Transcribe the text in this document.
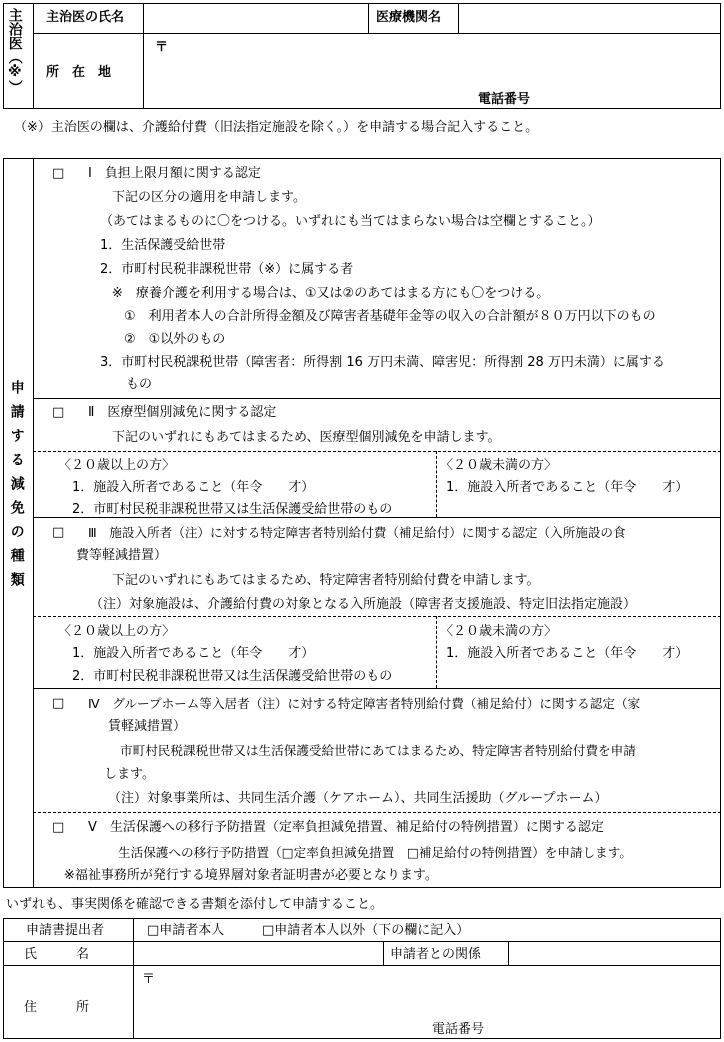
主治医（※） 主治医の氏名	医療機関名
所　在　地
〒
電話番号
（※）主治医の欄は、介護給付費（旧法指定施設を除く。）を申請する場合記入すること。
申請する減免の種類
□ Ⅰ　負担上限月額に関する認定
下記の区分の適用を申請します。
（あてはまるものに〇をつける。いずれにも当てはまらない場合は空欄とすること。）
1．生活保護受給世帯
2．市町村民税非課税世帯（※）に属する者
※　療養介護を利用する場合は、①又は②のあてはまる方にも〇をつける。
①　利用者本人の合計所得金額及び障害者基礎年金等の収入の合計額が８０万円以下のもの
②　①以外のもの
3．市町村民税課税世帯（障害者：所得割 16 万円未満、障害児：所得割 28 万円未満）に属する
もの
□ Ⅱ　医療型個別減免に関する認定
下記のいずれにもあてはまるため、医療型個別減免を申請します。
〈２０歳以上の方〉
1．施設入所者であること（年令　　才）
2．市町村民税非課税世帯又は生活保護受給世帯のもの
〈２０歳未満の方〉
1．施設入所者であること（年令　　才）
□ Ⅲ　施設入所者（注）に対する特定障害者特別給付費（補足給付）に関する認定（入所施設の食
費等軽減措置）
下記のいずれにもあてはまるため、特定障害者特別給付費を申請します。
（注）対象施設は、介護給付費の対象となる入所施設（障害者支援施設、特定旧法指定施設）
〈２０歳以上の方〉
1．施設入所者であること（年令　　才）
2．市町村民税非課税世帯又は生活保護受給世帯のもの
〈２０歳未満の方〉
1．施設入所者であること（年令　　才）
□ Ⅳ　グループホーム等入居者（注）に対する特定障害者特別給付費（補足給付）に関する認定（家
賃軽減措置）
市町村民税課税世帯又は生活保護受給世帯にあてはまるため、特定障害者特別給付費を申請
します。
（注）対象事業所は、共同生活介護（ケアホーム）、共同生活援助（グループホーム）
□ Ⅴ　生活保護への移行予防措置（定率負担減免措置、補足給付の特例措置）に関する認定
生活保護への移行予防措置（□定率負担減免措置　□補足給付の特例措置）を申請します。
※福祉事務所が発行する境界層対象者証明書が必要となります。
いずれも、事実関係を確認できる書類を添付して申請すること。
申請書提出者	□申請者本人	□申請者本人以外（下の欄に記入）
氏　　　名	申請者との関係
住　　　所
〒
電話番号
